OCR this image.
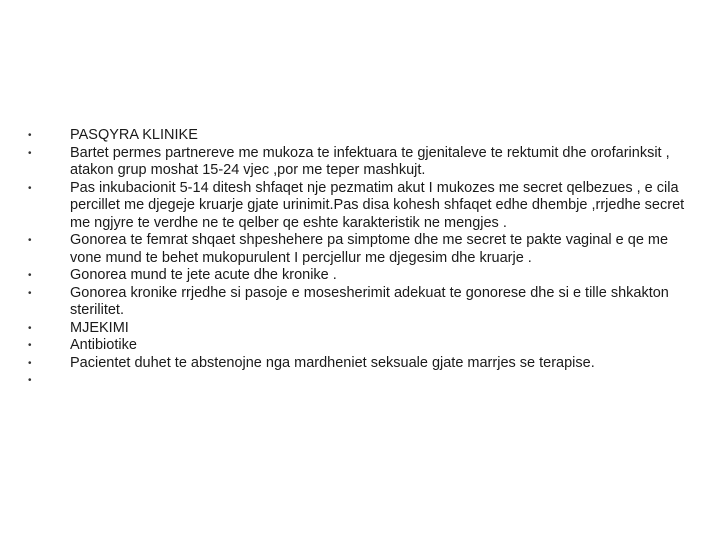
•	PASQYRA KLINIKE
•	Bartet permes partnereve me mukoza te infektuara te gjenitaleve te rektumit dhe orofarinksit , atakon grup moshat 15-24 vjec ,por me teper mashkujt.
•	Pas inkubacionit 5-14 ditesh shfaqet nje pezmatim akut I mukozes me secret qelbezues , e cila percillet me djegeje kruarje gjate urinimit.Pas disa kohesh shfaqet edhe dhembje ,rrjedhe secret me ngjyre te verdhe ne te qelber qe eshte karakteristik ne mengjes .
•	Gonorea te femrat shqaet shpeshehere pa simptome dhe me secret te pakte vaginal e qe me vone mund te behet mukopurulent I percjellur me djegesim dhe kruarje .
•	Gonorea mund te jete acute dhe kronike .
•	Gonorea kronike rrjedhe si pasoje e mosesherimit adekuat te gonorese dhe si e tille shkakton sterilitet.
•	MJEKIMI
•	Antibiotike
•	Pacientet duhet te abstenojne nga mardheniet seksuale gjate marrjes se terapise.
•
